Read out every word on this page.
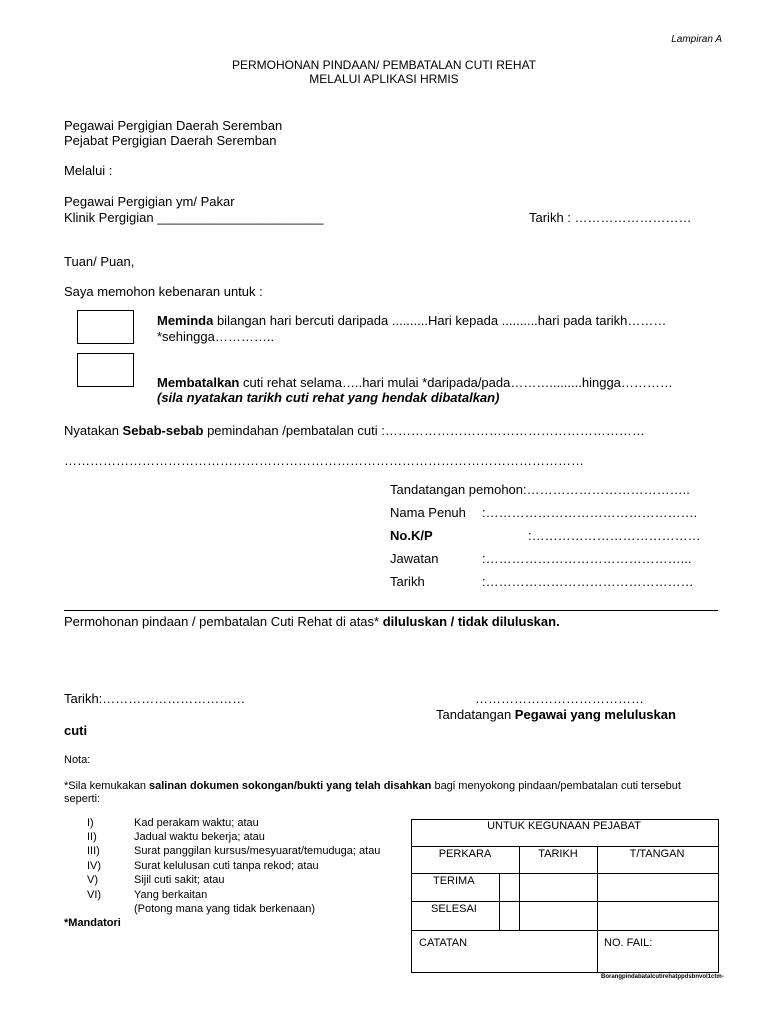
Lampiran A
PERMOHONAN PINDAAN/ PEMBATALAN CUTI REHAT
MELALUI APLIKASI HRMIS
Pegawai Pergigian Daerah Seremban
Pejabat Pergigian Daerah Seremban
Melalui :
Pegawai Pergigian ym/ Pakar
Klinik Pergigian _______________________	Tarikh : ………………………
Tuan/ Puan,
Saya memohon kebenaran untuk :
Meminda bilangan hari bercuti daripada ..........Hari kepada ..........hari pada tarikh………
*sehingga…………..
Membatalkan cuti rehat selama…..hari mulai *daripada/pada……….........hingga…………
(sila nyatakan tarikh cuti rehat yang hendak dibatalkan)
Nyatakan Sebab-sebab pemindahan /pembatalan cuti :……………………………………………………
…………………………………………………………………………………………………………
Tandatangan pemohon:………………………………..
Nama Penuh :………………………………………….
No.K/P	:…………………………………
Jawatan	:………………………………………...
Tarikh	:…………………………………………
Permohonan pindaan / pembatalan Cuti Rehat di atas* diluluskan / tidak diluluskan.
Tarikh:……………………………	…………………………………
Tandatangan Pegawai yang meluluskan
cuti
Nota:
*Sila kemukakan salinan dokumen sokongan/bukti yang telah disahkan bagi menyokong pindaan/pembatalan cuti tersebut
seperti:
I)	Kad perakam waktu; atau
II)	Jadual waktu bekerja; atau
III)	Surat panggilan kursus/mesyuarat/temuduga; atau
IV)	Surat kelulusan cuti tanpa rekod; atau
V)	Sijil cuti sakit; atau
VI)	Yang berkaitan
(Potong mana yang tidak berkenaan)
*Mandatori
UNTUK KEGUNAAN PEJABAT
PERKARA	TARIKH	T/TANGAN
TERIMA
SELESAI
CATATAN	NO. FAIL:
Borangpindabatalcutirehatppdsbnvol1ctm-
